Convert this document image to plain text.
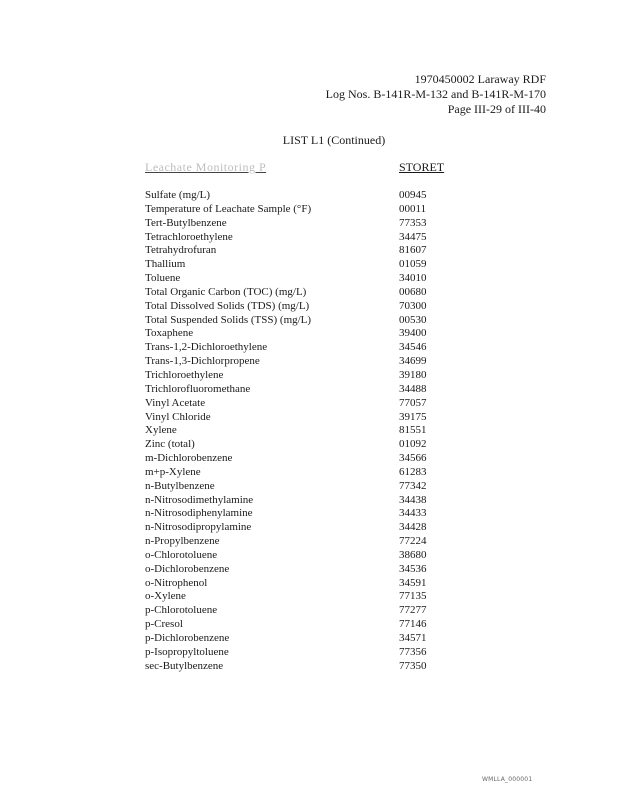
1970450002 Laraway RDF
Log Nos. B-141R-M-132 and B-141R-M-170
Page III-29 of III-40
LIST L1 (Continued)
Leachate Monitoring P	STORET
Sulfate (mg/L)	00945
Temperature of Leachate Sample (°F)	00011
Tert-Butylbenzene	77353
Tetrachloroethylene	34475
Tetrahydrofuran	81607
Thallium	01059
Toluene	34010
Total Organic Carbon (TOC) (mg/L)	00680
Total Dissolved Solids (TDS) (mg/L)	70300
Total Suspended Solids (TSS) (mg/L)	00530
Toxaphene	39400
Trans-1,2-Dichloroethylene	34546
Trans-1,3-Dichlorpropene	34699
Trichloroethylene	39180
Trichlorofluoromethane	34488
Vinyl Acetate	77057
Vinyl Chloride	39175
Xylene	81551
Zinc (total)	01092
m-Dichlorobenzene	34566
m+p-Xylene	61283
n-Butylbenzene	77342
n-Nitrosodimethylamine	34438
n-Nitrosodiphenylamine	34433
n-Nitrosodipropylamine	34428
n-Propylbenzene	77224
o-Chlorotoluene	38680
o-Dichlorobenzene	34536
o-Nitrophenol	34591
o-Xylene	77135
p-Chlorotoluene	77277
p-Cresol	77146
p-Dichlorobenzene	34571
p-Isopropyltoluene	77356
sec-Butylbenzene	77350
WMLLA_000001
